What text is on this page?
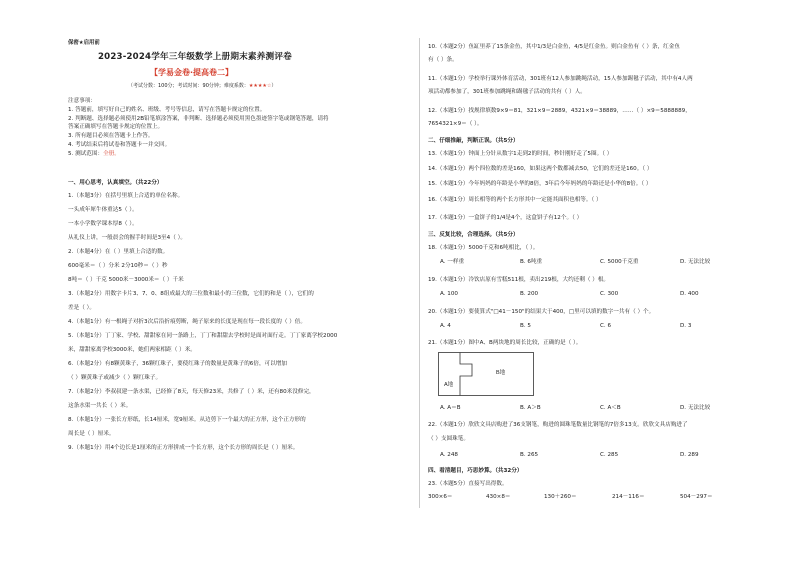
保密★启用前
2023-2024学年三年级数学上册期末素养测评卷
【学易金卷·提高卷二】
（考试分数：100分；考试时间：90分钟；难度系数：★★★★☆）
注意事项：
1. 答题前，填写好自己的姓名、班级、考号等信息，请写在答题卡规定的位置。
2. 判断题、选择题必须使用2B铅笔填涂答案，非判断、选择题必须使用黑色墨迹签字笔或钢笔答题，请将
答案正确填写在答题卡规定的位置上。
3. 所有题目必须在答题卡上作答。
4. 考试结束后将试卷和答题卡一并交回。
5. 测试范围：全册。
一、用心思考，认真填空。（共22分）
1.（本题3分）在括号里填上合适的单位名称。
一头成年犀牛体重达5（ ）。
一本小学数学课本厚8（ ）。
从礼仪上讲，一般晨会的握手时间是3至4（ ）。
2.（本题4分）在（ ）里填上合适的数。
600毫米＝（ ）分米 2分10秒＝（ ）秒
8吨＝（ ）千克 5000米－3000米＝（ ）千米
3.（本题2分）用数字卡片3、7、0、8组成最大的三位数和最小的三位数，它们的和是（ ），它们的
差是（ ）。
4.（本题1分）有一根绳子对折3次后沿折痕剪断，绳子原来的长度是现在每一段长度的（ ）倍。
5.（本题1分）丁丁家、学校、甜甜家在同一条路上，丁丁和甜甜去学校时是面对面行走。丁丁家离学校2000
米，甜甜家离学校3000米，她们两家相距（ ）米。
6.（本题2分）有8颗黄珠子，36颗红珠子，要使红珠子的数量是黄珠子的6倍，可以增加
（ ）颗黄珠子或减少（ ）颗红珠子。
7.（本题2分）李叔叔建一条水渠，已经修了8天，每天修23米，共修了（ ）米，还有80米没修完，
这条水渠一共长（ ）米。
8.（本题1分）一张长方形纸，长14厘米，宽9厘米。从边剪下一个最大的正方形，这个正方形的
周长是（ ）厘米。
9.（本题1分）用4个边长是1厘米的正方形拼成一个长方形，这个长方形的周长是（ ）厘米。
10.（本题2分）鱼缸里养了15条金鱼，其中1/3是白金鱼，4/5是红金鱼。则白金鱼有（ ）条，红金鱼
有（ ）条。
11.（本题1分）学校举行课外体育活动，301班有12人参加跳绳活动，15人参加踢毽子活动，其中有4人两
项活动都参加了，301班参加跳绳和踢毽子活动的共有（ ）人。
12.（本题1分）找规律填数9×9＝81，321×9＝2889，4321×9＝38889，……（ ）×9＝5888889，
7654321×9＝（ ）。
二、仔细推敲，判断正误。（共5分）
13.（本题1分）钟面上分针从数字1走到2的时间，秒针刚好走了5圈。（ ）
14.（本题1分）两个四位数的差是160，如果这两个数都减去50，它们的差还是160。（ ）
15.（本题1分）今年妈妈的年龄是小华的8倍，3年后今年妈妈的年龄还是小华的8倍。（ ）
16.（本题1分）周长相等的两个长方形其中一定能其面积也相等。（ ）
17.（本题1分）一盒饼子的1/4是4个，这盒饼子有12个。（ ）
三、反复比较，合理选择。（共5分）
18.（本题1分）5000千克和6吨相比，（ ）。
A. 一样重	B. 6吨重	C. 5000千克重	D. 无法比较
19.（本题1分）冷饮店原有雪糕511根，卖出219根，大约还剩（ ）根。
A. 100	B. 200	C. 300	D. 400
20.（本题1分）要使算式"□41－150"的结果大于400，□里可以填的数字一共有（ ）个。
A. 4	B. 5	C. 6	D. 3
21.（本题1分）图中A、B两块地的周长比较，正确的是（ ）。
A地
B地
A. A＝B	B. A＞B	C. A＜B	D. 无法比较
22.（本题1分）欣欣文具店购进了36支钢笔，购进的圆珠笔数量比钢笔的7倍多13支。欣欣文具店购进了
（ ）支圆珠笔。
A. 248	B. 265	C. 285	D. 289
四、看清题目，巧思妙算。（共32分）
23.（本题5分）直接写出得数。
300×6＝	430×8＝	130＋260＝	214－116＝	504－297＝
